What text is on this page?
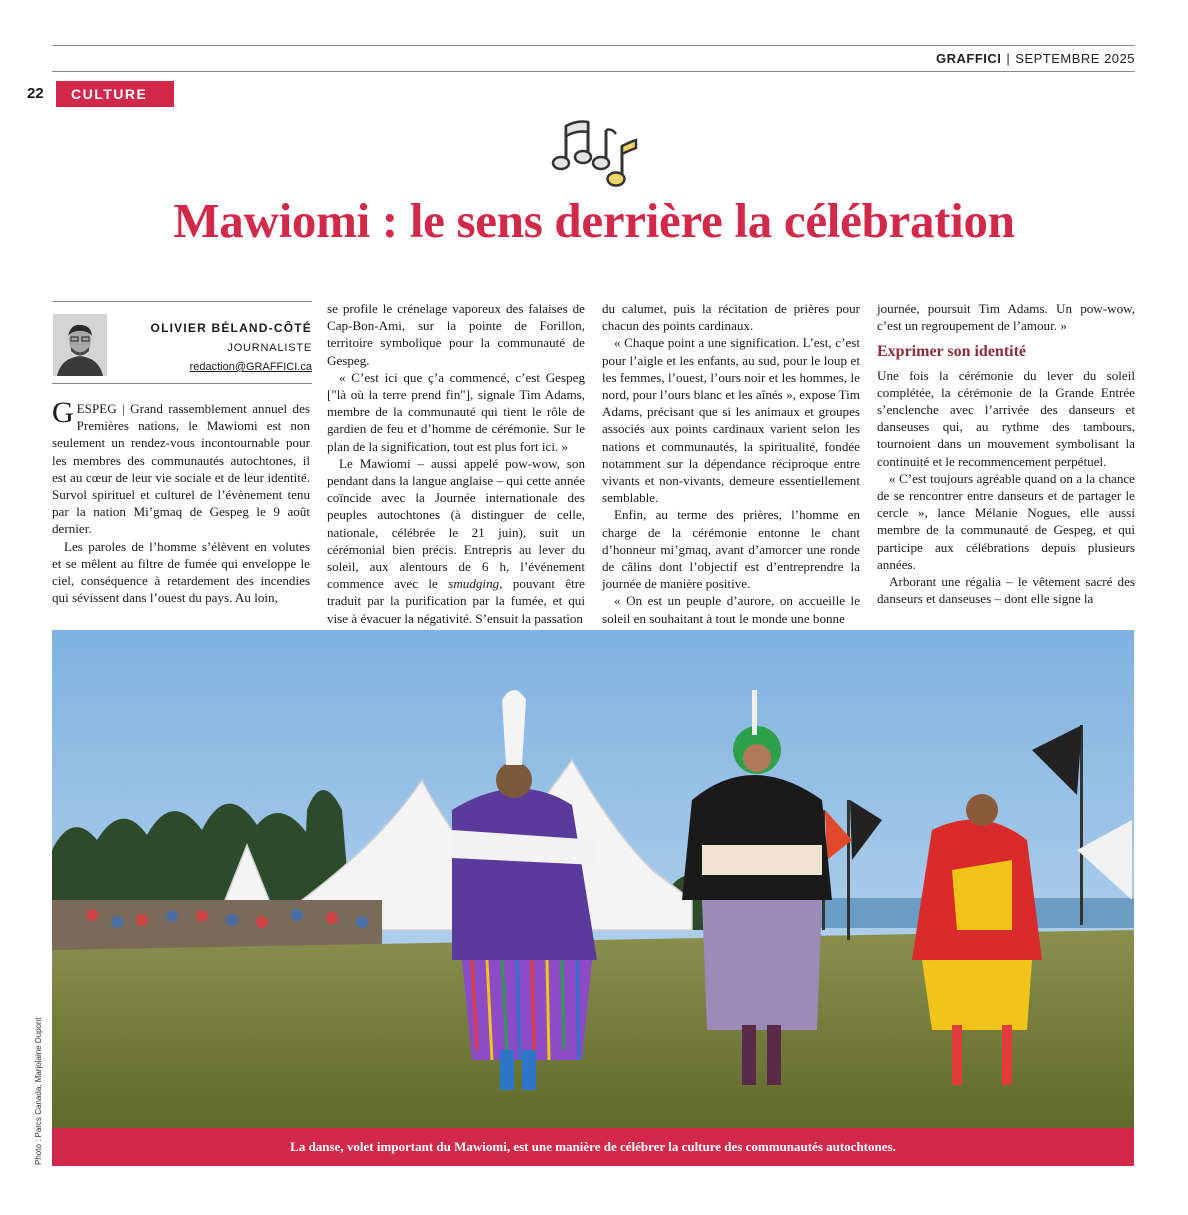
GRAFFICI | SEPTEMBRE 2025
22	CULTURE
Mawiomi : le sens derrière la célébration
OLIVIER BÉLAND-CÔTÉ
JOURNALISTE
redaction@GRAFFICI.ca

GESPEG | Grand rassemblement annuel des Premières nations, le Mawiomi est non seulement un rendez-vous incontournable pour les membres des communautés autochtones, il est au cœur de leur vie sociale et de leur identité. Survol spirituel et culturel de l’évènement tenu par la nation Mi’gmaq de Gespeg le 9 août dernier.

Les paroles de l’homme s’élèvent en volutes et se mêlent au filtre de fumée qui enveloppe le ciel, conséquence à retardement des incendies qui sévissent dans l’ouest du pays. Au loin,

se profile le crénelage vaporeux des falaises de Cap-Bon-Ami, sur la pointe de Forillon, territoire symbolique pour la communauté de Gespeg.

« C’est ici que ç’a commencé, c’est Gespeg ["là où la terre prend fin"], signale Tim Adams, membre de la communauté qui tient le rôle de gardien de feu et d’homme de cérémonie. Sur le plan de la signification, tout est plus fort ici. »

Le Mawiomi – aussi appelé pow-wow, son pendant dans la langue anglaise – qui cette année coïncide avec la Journée internationale des peuples autochtones (à distinguer de celle, nationale, célébrée le 21 juin), suit un cérémonial bien précis. Entrepris au lever du soleil, aux alentours de 6 h, l’événement commence avec le smudging, pouvant être traduit par la purification par la fumée, et qui vise à évacuer la négativité. S’ensuit la passation

du calumet, puis la récitation de prières pour chacun des points cardinaux.

« Chaque point a une signification. L’est, c’est pour l’aigle et les enfants, au sud, pour le loup et les femmes, l’ouest, l’ours noir et les hommes, le nord, pour l’ours blanc et les aînés », expose Tim Adams, précisant que si les animaux et groupes associés aux points cardinaux varient selon les nations et communautés, la spiritualité, fondée notamment sur la dépendance réciproque entre vivants et non-vivants, demeure essentiellement semblable.

Enfin, au terme des prières, l’homme en charge de la cérémonie entonne le chant d’honneur mi’gmaq, avant d’amorcer une ronde de câlins dont l’objectif est d’entreprendre la journée de manière positive.

« On est un peuple d’aurore, on accueille le soleil en souhaitant à tout le monde une bonne

journée, poursuit Tim Adams. Un pow-wow, c’est un regroupement de l’amour. »

Exprimer son identité

Une fois la cérémonie du lever du soleil complétée, la cérémonie de la Grande Entrée s’enclenche avec l’arrivée des danseurs et danseuses qui, au rythme des tambours, tournoient dans un mouvement symbolisant la continuité et le recommencement perpétuel.

« C’est toujours agréable quand on a la chance de se rencontrer entre danseurs et de partager le cercle », lance Mélanie Nogues, elle aussi membre de la communauté de Gespeg, et qui participe aux célébrations depuis plusieurs années.

Arborant une régalia – le vêtement sacré des danseurs et danseuses – dont elle signe la

La danse, volet important du Mawiomi, est une manière de célébrer la culture des communautés autochtones.
Photo : Parcs Canada, Marjolaine Dupont
